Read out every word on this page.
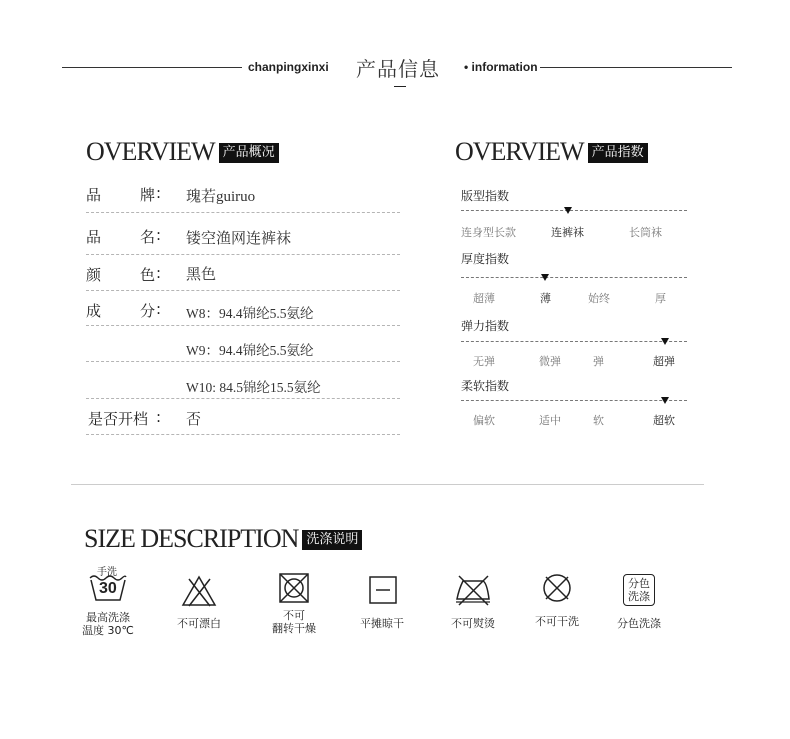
chanpingxinxi 产品信息 • information
OVERVIEW 产品概况
品	牌 : 瑰若guiruo
品	名 : 镂空渔网连裤袜
颜	色 : 黑色
成	分 : W8：94.4锦纶5.5氨纶
W9：94.4锦纶5.5氨纶
W10: 84.5锦纶15.5氨纶
是否开档 : 否
OVERVIEW 产品指数
版型指数
连身型长款	连裤袜	长筒袜
厚度指数
超薄	薄	始终	厚
弹力指数
无弹	微弹	弹	超弹
柔软指数
偏软	适中	软	超软
SIZE DESCRIPTION 洗涤说明
手洗
30
最高洗涤
温度 30℃
不可漂白
不可
翻转干燥	平摊晾干	不可熨烫	不可干洗
分色
洗涤
分色洗涤
